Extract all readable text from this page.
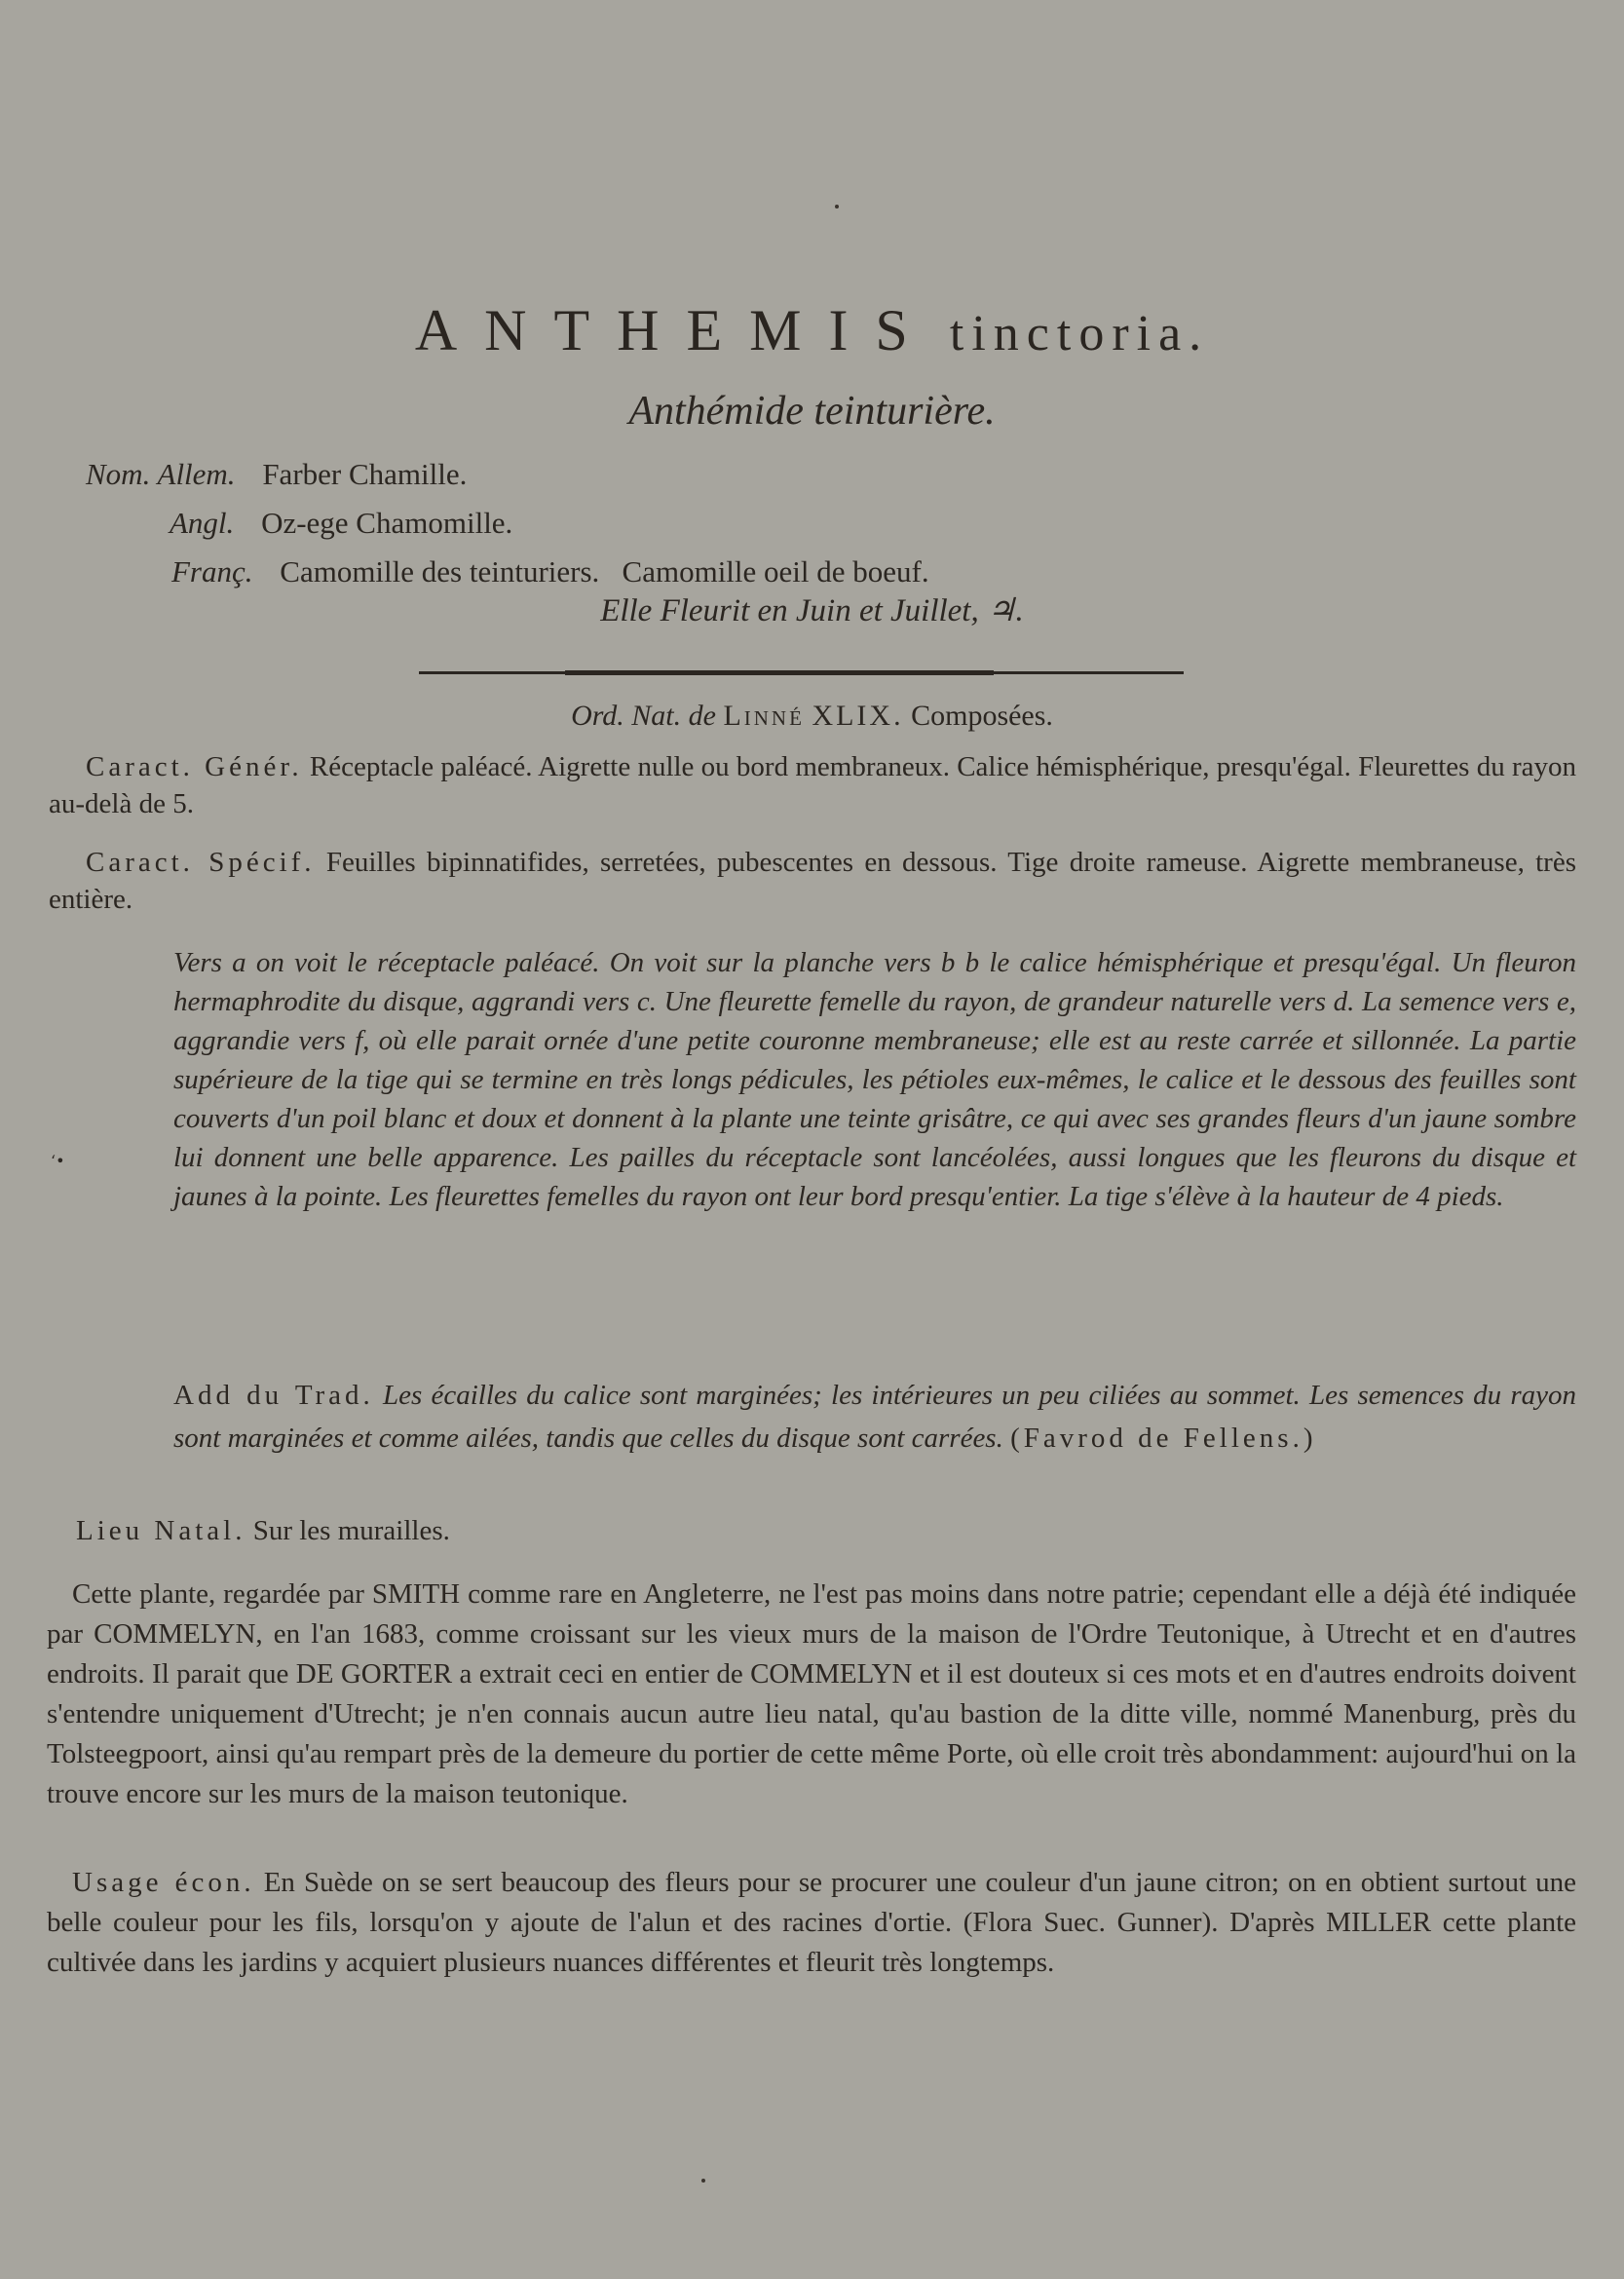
ANTHEMIS tinctoria.
Anthémide teinturière.
Nom. Allem. Farber Chamille.
Angl. Oz-ege Chamomille.
Franç. Camomille des teinturiers.   Camomille oeil de boeuf.
Elle Fleurit en Juin et Juillet, ♃.
Ord. Nat. de Linné XLIX. Composées.
Caract. Génér. Réceptacle paléacé. Aigrette nulle ou bord membraneux. Calice hémisphérique, presqu'égal. Fleurettes du rayon au-delà de 5.
Caract. Spécif. Feuilles bipinnatifides, serretées, pubescentes en dessous. Tige droite rameuse. Aigrette membraneuse, très entière.
Vers a on voit le réceptacle paléacé. On voit sur la planche vers b b le calice hémisphérique et presqu'égal. Un fleuron hermaphrodite du disque, aggrandi vers c. Une fleurette femelle du rayon, de grandeur naturelle vers d. La semence vers e, aggrandie vers f, où elle parait ornée d'une petite couronne membraneuse; elle est au reste carrée et sillonnée. La partie supérieure de la tige qui se termine en très longs pédicules, les pétioles eux-mêmes, le calice et le dessous des feuilles sont couverts d'un poil blanc et doux et donnent à la plante une teinte grisâtre, ce qui avec ses grandes fleurs d'un jaune sombre lui donnent une belle apparence. Les pailles du réceptacle sont lancéolées, aussi longues que les fleurons du disque et jaunes à la pointe. Les fleurettes femelles du rayon ont leur bord presqu'entier. La tige s'élève à la hauteur de 4 pieds.
‘•
Add du Trad. Les écailles du calice sont marginées; les intérieures un peu ciliées au sommet. Les semences du rayon sont marginées et comme ailées, tandis que celles du disque sont carrées. (Favrod de Fellens.)
Lieu Natal. Sur les murailles.
Cette plante, regardée par SMITH comme rare en Angleterre, ne l'est pas moins dans notre patrie; cependant elle a déjà été indiquée par COMMELYN, en l'an 1683, comme croissant sur les vieux murs de la maison de l'Ordre Teutonique, à Utrecht et en d'autres endroits. Il parait que DE GORTER a extrait ceci en entier de COMMELYN et il est douteux si ces mots et en d'autres endroits doivent s'entendre uniquement d'Utrecht; je n'en connais aucun autre lieu natal, qu'au bastion de la ditte ville, nommé Manenburg, près du Tolsteegpoort, ainsi qu'au rempart près de la demeure du portier de cette même Porte, où elle croit très abondamment: aujourd'hui on la trouve encore sur les murs de la maison teutonique.
Usage écon. En Suède on se sert beaucoup des fleurs pour se procurer une couleur d'un jaune citron; on en obtient surtout une belle couleur pour les fils, lorsqu'on y ajoute de l'alun et des racines d'ortie. (Flora Suec. Gunner). D'après MILLER cette plante cultivée dans les jardins y acquiert plusieurs nuances différentes et fleurit très longtemps.
